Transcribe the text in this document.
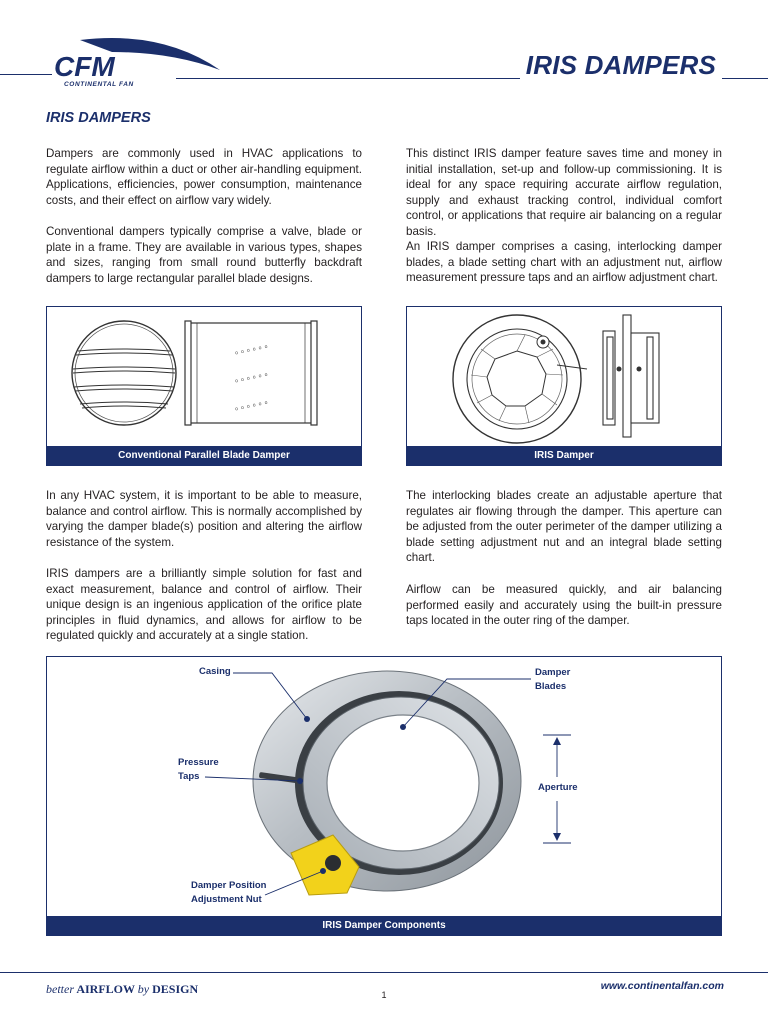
CFM
CONTINENTAL FAN
IRIS DAMPERS
IRIS DAMPERS

Dampers are commonly used in HVAC applications to regulate airflow within a duct or other air-handling equipment. Applications, efficiencies, power consumption, maintenance costs, and their effect on airflow vary widely.

Conventional dampers typically comprise a valve, blade or plate in a frame. They are available in various types, shapes and sizes, ranging from small round butterfly backdraft dampers to large rectangular parallel blade designs.

This distinct IRIS damper feature saves time and money in initial installation, set-up and follow-up commissioning. It is ideal for any space requiring accurate airflow regulation, supply and exhaust tracking control, individual comfort control, or applications that require air balancing on a regular basis.

An IRIS damper comprises a casing, interlocking damper blades, a blade setting chart with an adjustment nut, airflow measurement pressure taps and an airflow adjustment chart.

o o o o o o
o o o o o o
o o o o o o
Conventional Parallel Blade Damper	IRIS Damper

In any HVAC system, it is important to be able to measure, balance and control airflow. This is normally accomplished by varying the damper blade(s) position and altering the airflow resistance of the system.

IRIS dampers are a brilliantly simple solution for fast and exact measurement, balance and control of airflow. Their unique design is an ingenious application of the orifice plate principles in fluid dynamics, and allows for airflow to be regulated quickly and accurately at a single station.

The interlocking blades create an adjustable aperture that regulates air flowing through the damper. This aperture can be adjusted from the outer perimeter of the damper utilizing a blade setting adjustment nut and an integral blade setting chart.

Airflow can be measured quickly, and air balancing performed easily and accurately using the built-in pressure taps located in the outer ring of the damper.

Casing	Damper
Blades
Pressure
Taps
Aperture
Damper Position
Adjustment Nut
IRIS Damper Components
better AIRFLOW by DESIGN	1
www.continentalfan.com
